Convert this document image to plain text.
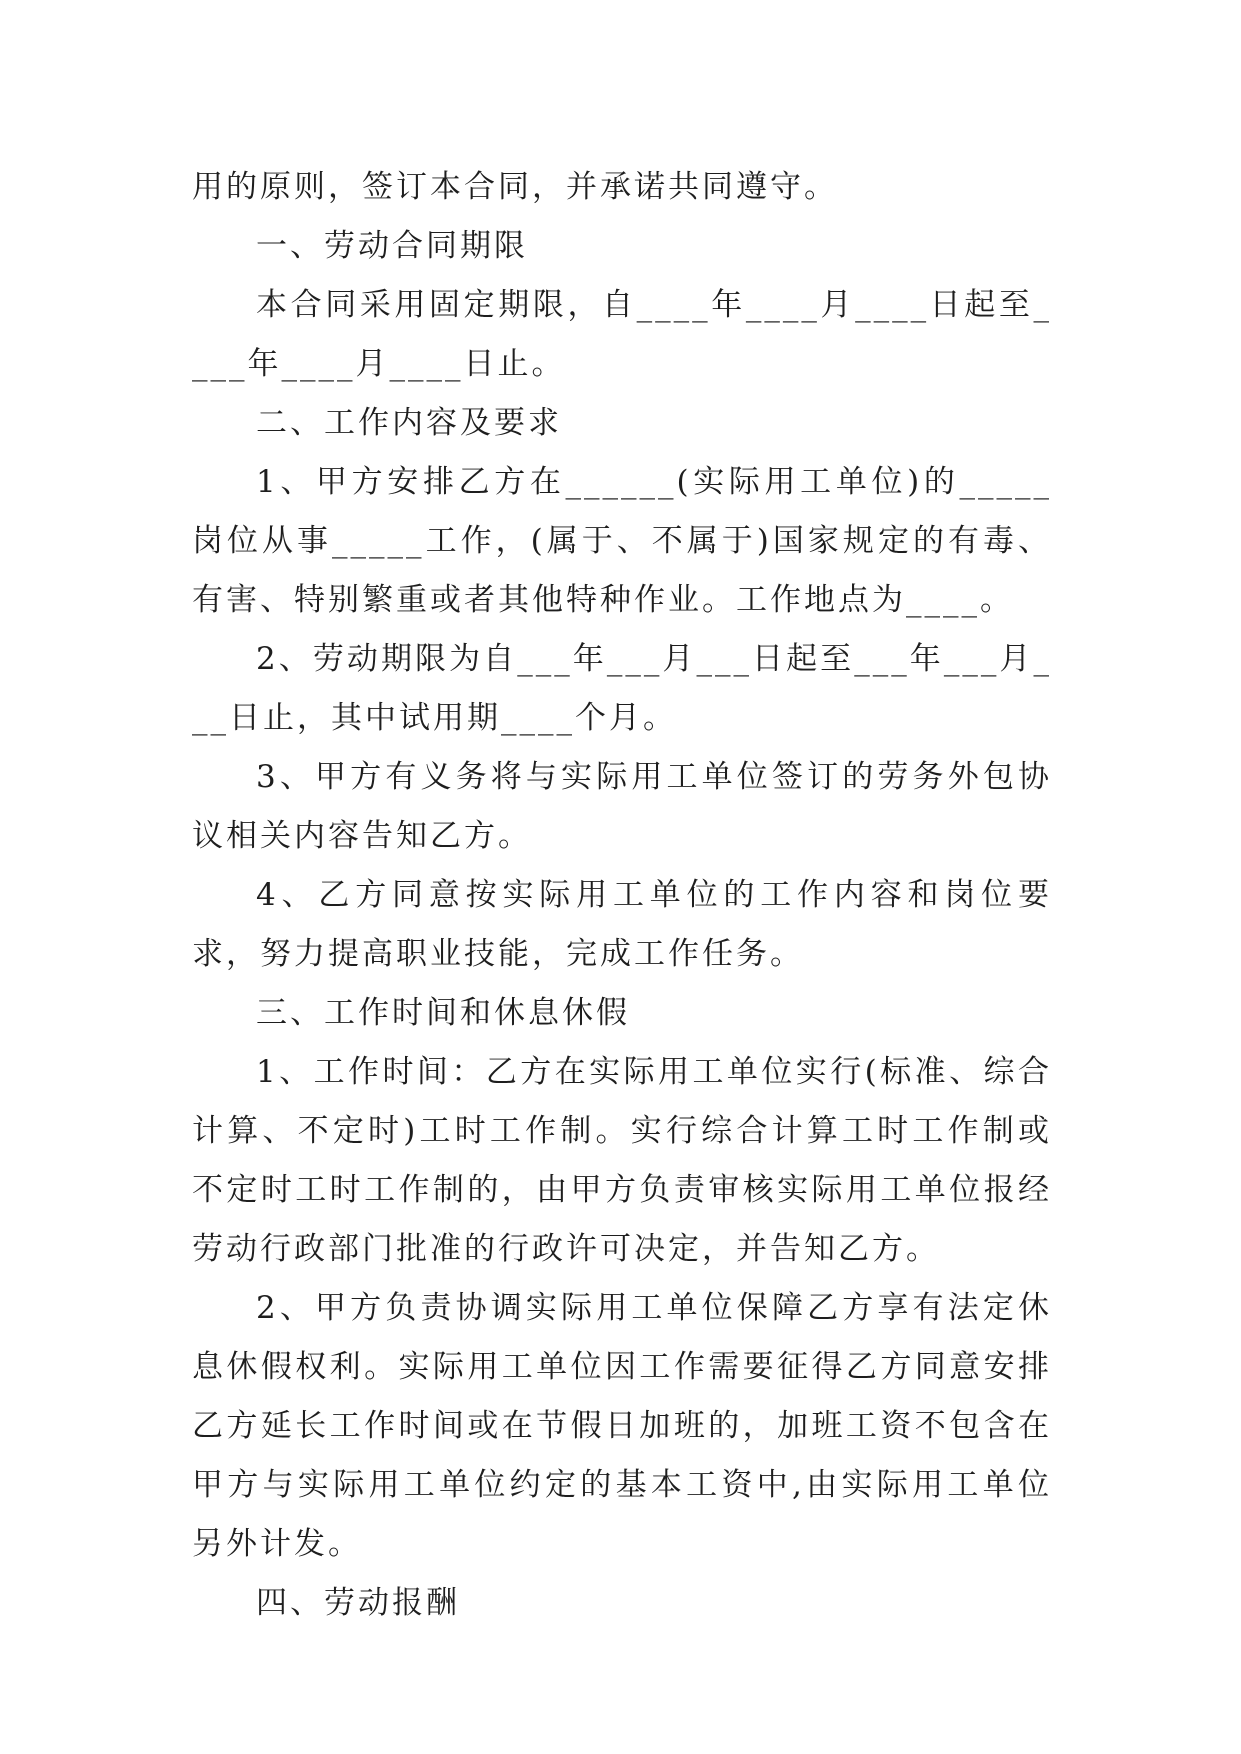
用的原则，签订本合同，并承诺共同遵守。

一、劳动合同期限

本合同采用固定期限，自____年____月____日起至____年____月____日止。

二、工作内容及要求

1、甲方安排乙方在______(实际用工单位)的_____岗位从事_____工作，(属于、不属于)国家规定的有毒、有害、特别繁重或者其他特种作业。工作地点为____。

2、劳动期限为自___年___月___日起至___年___月___日止，其中试用期____个月。

3、甲方有义务将与实际用工单位签订的劳务外包协议相关内容告知乙方。

4、乙方同意按实际用工单位的工作内容和岗位要求，努力提高职业技能，完成工作任务。

三、工作时间和休息休假

1、工作时间：乙方在实际用工单位实行(标准、综合计算、不定时)工时工作制。实行综合计算工时工作制或不定时工时工作制的，由甲方负责审核实际用工单位报经劳动行政部门批准的行政许可决定，并告知乙方。

2、甲方负责协调实际用工单位保障乙方享有法定休息休假权利。实际用工单位因工作需要征得乙方同意安排乙方延长工作时间或在节假日加班的，加班工资不包含在甲方与实际用工单位约定的基本工资中,由实际用工单位另外计发。

四、劳动报酬
